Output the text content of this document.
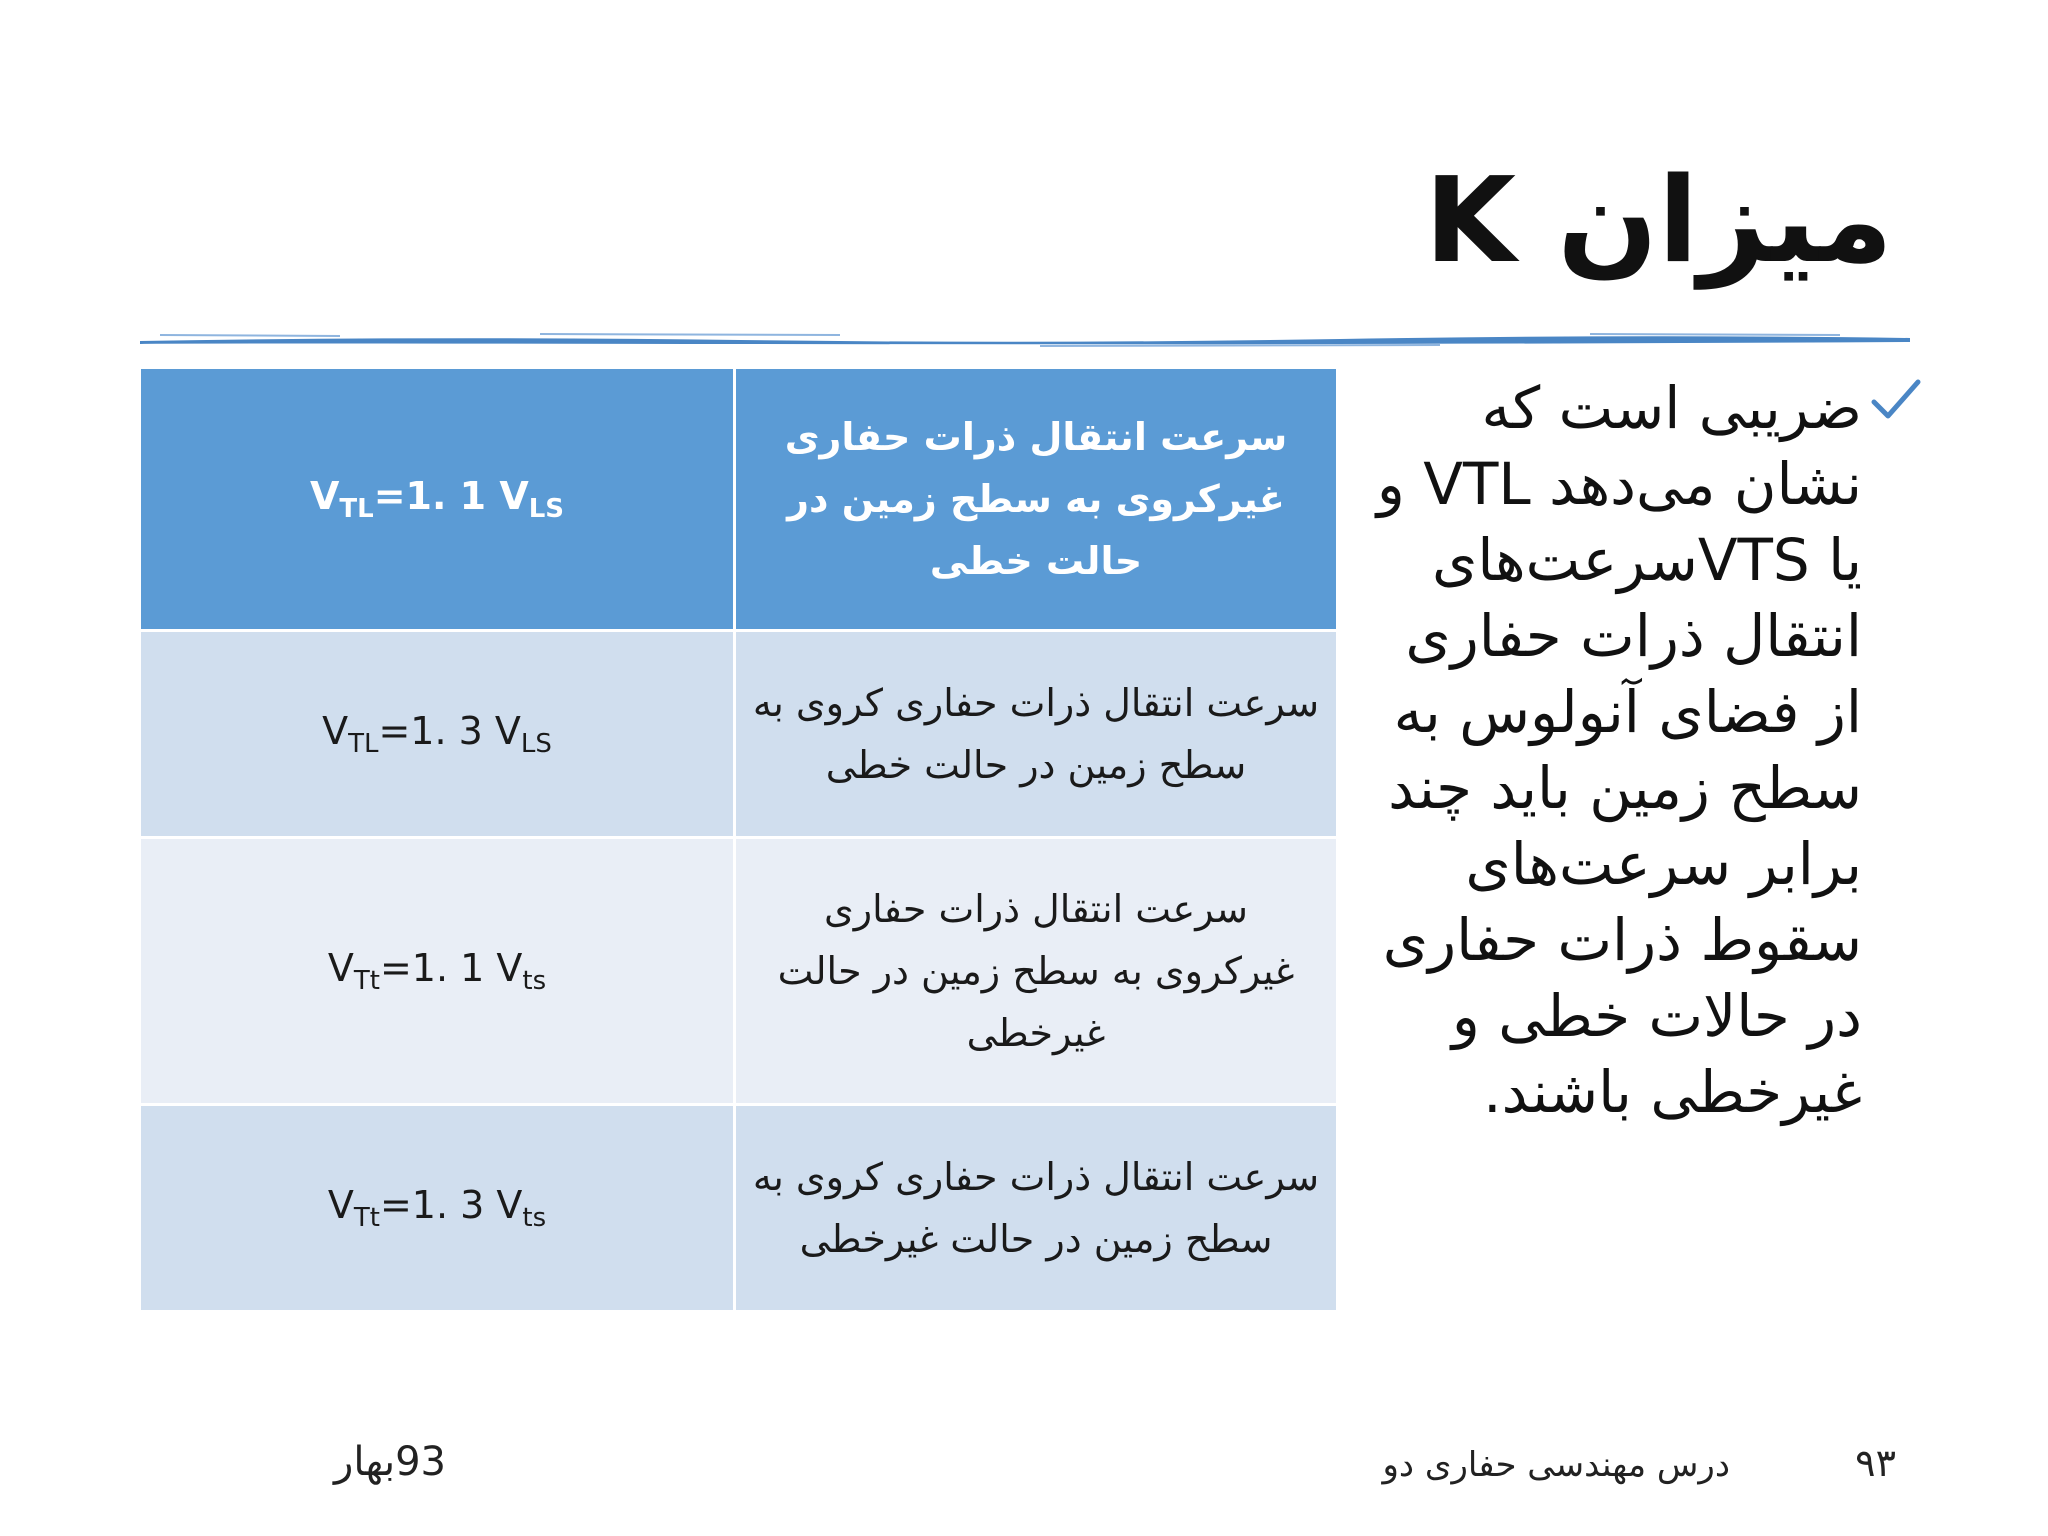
میزان K
$V_{TL}=1$. 1 $V_{LS}$	سرعت انتقال ذرات حفاری غیرکروی به سطح زمین در حالت خطی

$V_{TL}=1$. 3 $V_{LS}$	سرعت انتقال ذرات حفاری کروی به سطح زمین در حالت خطی

$V_{Tt}=1$. 1 $V_{ts}$	سرعت انتقال ذرات حفاری غیرکروی به سطح زمین در حالت غیرخطی

$V_{Tt}=1$. 3 $V_{ts}$	سرعت انتقال ذرات حفاری کروی به سطح زمین در حالت غیرخطی
ضریبی است که نشان می‌دهد VTL و یا VTSسرعت‌های انتقال ذرات حفاری از فضای آنولوس به سطح زمین باید چند برابر سرعت‌های سقوط ذرات حفاری در حالات خطی و غیرخطی باشند.
۹۳
درس مهندسی حفاری دو
93بهار
